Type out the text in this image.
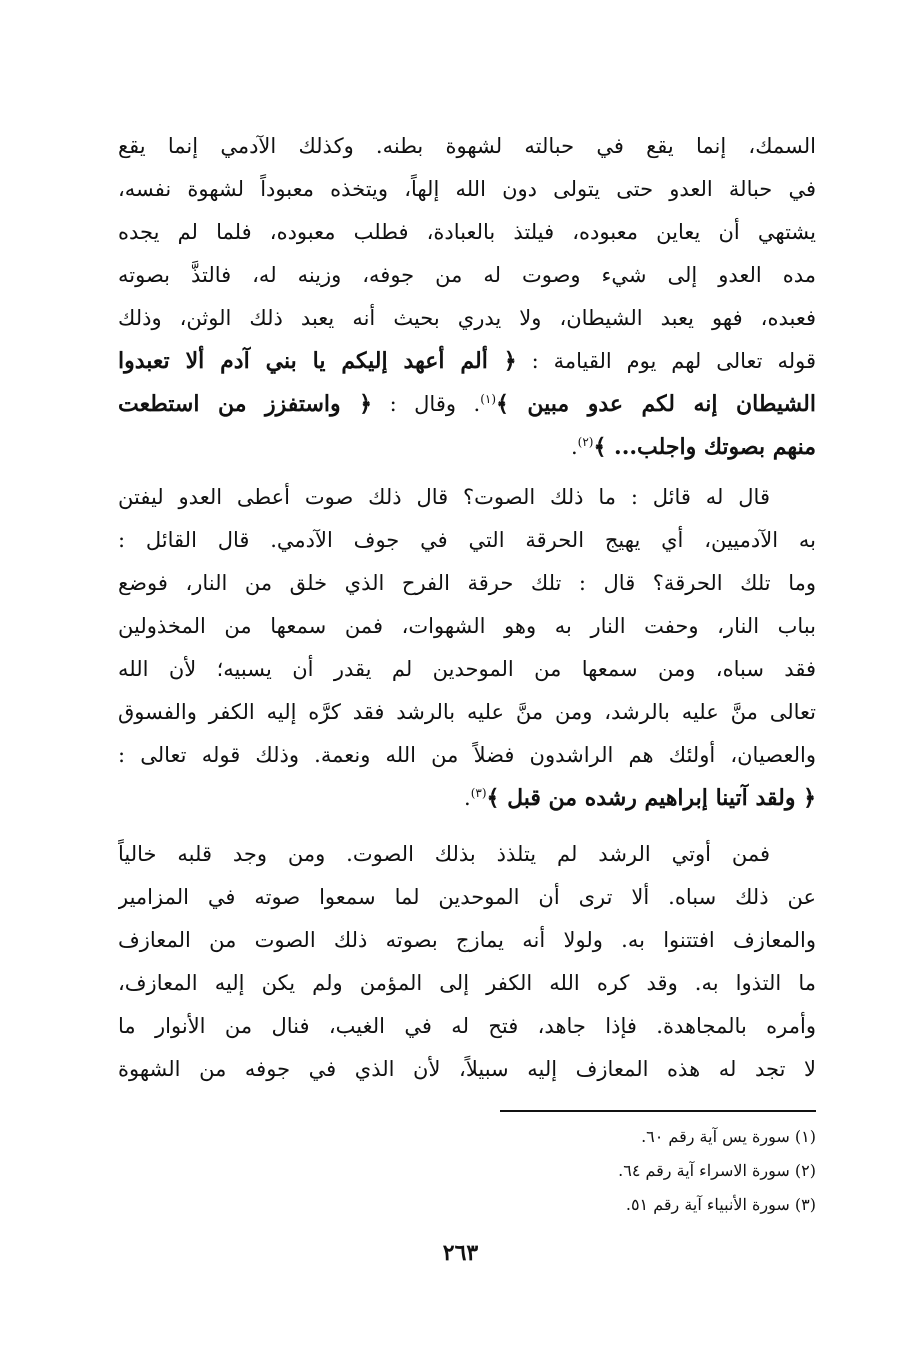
السمك، إنما يقع في حبالته لشهوة بطنه. وكذلك الآدمي إنما يقع
في حبالة العدو حتى يتولى دون الله إلهاً، ويتخذه معبوداً لشهوة نفسه،
يشتهي أن يعاين معبوده، فيلتذ بالعبادة، فطلب معبوده، فلما لم يجده
مده العدو إلى شيء وصوت له من جوفه، وزينه له، فالتذَّ بصوته
فعبده، فهو يعبد الشيطان، ولا يدري بحيث أنه يعبد ذلك الوثن، وذلك
قوله تعالى لهم يوم القيامة : ﴿ ألم أعهد إليكم يا بني آدم ألا تعبدوا
الشيطان إنه لكم عدو مبين ﴾$^{(١)}$. وقال : ﴿ واستفزز من استطعت
منهم بصوتك واجلب... ﴾$^{(٢)}$.
قال له قائل : ما ذلك الصوت؟ قال ذلك صوت أعطى العدو ليفتن
به الآدميين، أي يهيج الحرقة التي في جوف الآدمي. قال القائل :
وما تلك الحرقة؟ قال : تلك حرقة الفرح الذي خلق من النار، فوضع
بباب النار، وحفت النار به وهو الشهوات، فمن سمعها من المخذولين
فقد سباه، ومن سمعها من الموحدين لم يقدر أن يسبيه؛ لأن الله
تعالى منَّ عليه بالرشد، ومن منَّ عليه بالرشد فقد كرَّه إليه الكفر والفسوق
والعصيان، أولئك هم الراشدون فضلاً من الله ونعمة. وذلك قوله تعالى :
﴿ ولقد آتينا إبراهيم رشده من قبل ﴾$^{(٣)}$.
فمن أوتي الرشد لم يتلذذ بذلك الصوت. ومن وجد قلبه خالياً
عن ذلك سباه. ألا ترى أن الموحدين لما سمعوا صوته في المزامير
والمعازف افتتنوا به. ولولا أنه يمازج بصوته ذلك الصوت من المعازف
ما التذوا به. وقد كره الله الكفر إلى المؤمن ولم يكن إليه المعازف،
وأمره بالمجاهدة. فإذا جاهد، فتح له في الغيب، فنال من الأنوار ما
لا تجد له هذه المعازف إليه سبيلاً، لأن الذي في جوفه من الشهوة
(١) سورة يس آية رقم ٦٠.
(٢) سورة الاسراء آية رقم ٦٤.
(٣) سورة الأنبياء آية رقم ٥١.
٢٦٣
